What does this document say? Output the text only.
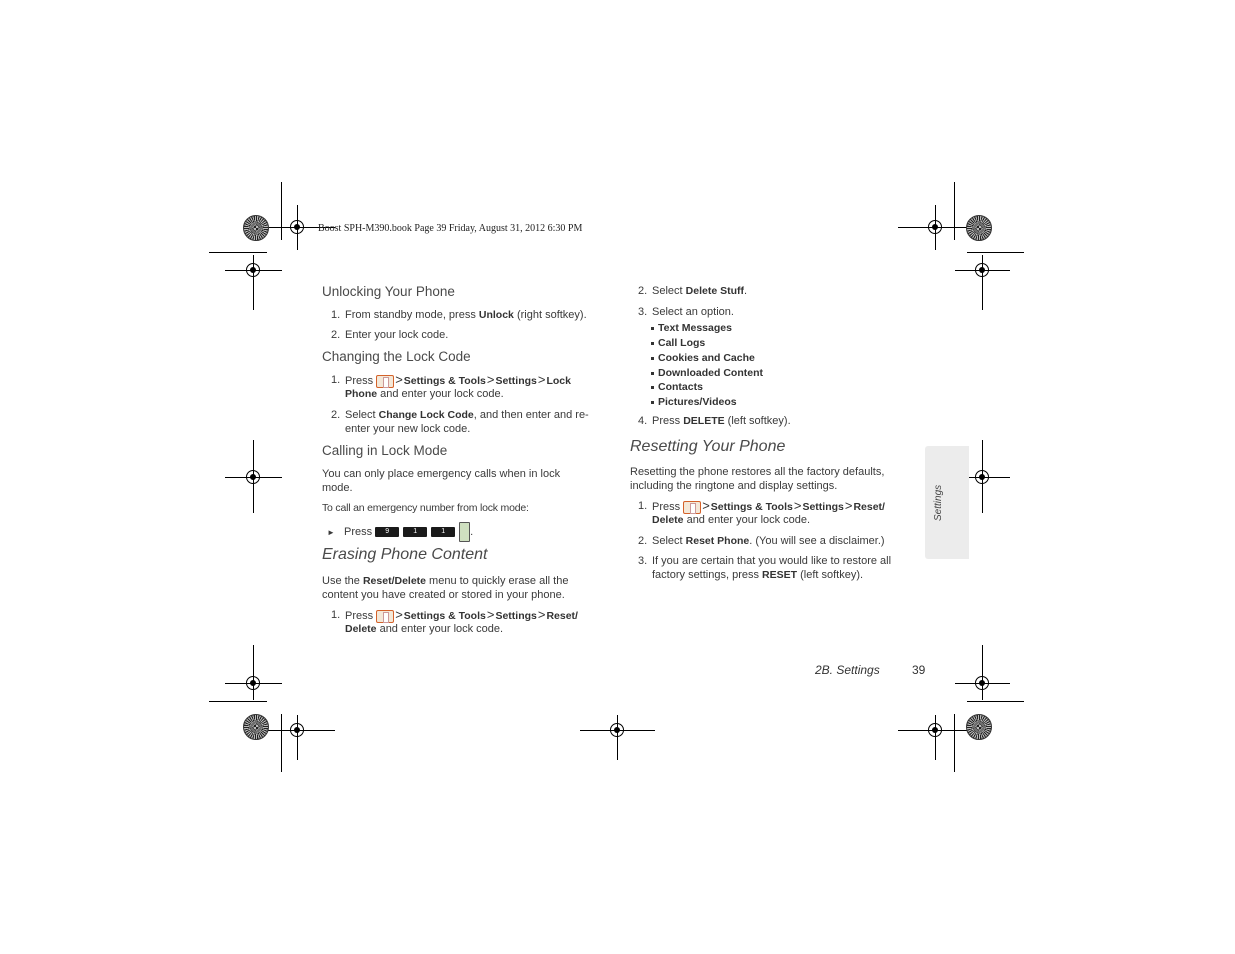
Boost SPH-M390.book Page 39 Friday, August 31, 2012 6:30 PM
Unlocking Your Phone
1. From standby mode, press Unlock (right softkey).
2. Enter your lock code.
Changing the Lock Code
1. Press >Settings & Tools>Settings>Lock
Phone and enter your lock code.
2. Select Change Lock Code, and then enter and re-
enter your new lock code.
Calling in Lock Mode
You can only place emergency calls when in lock
mode.
To call an emergency number from lock mode:
► Press 9	1	1 .
Erasing Phone Content
Use the Reset/Delete menu to quickly erase all the
content you have created or stored in your phone.
1. Press >Settings & Tools>Settings>Reset/
Delete and enter your lock code.
2. Select Delete Stuff.
3. Select an option.
Text Messages
Call Logs
Cookies and Cache
Downloaded Content
Contacts
Pictures/Videos
4. Press DELETE (left softkey).
Resetting Your Phone
Resetting the phone restores all the factory defaults,
including the ringtone and display settings.
1. Press >Settings & Tools>Settings>Reset/
Delete and enter your lock code.
2. Select Reset Phone. (You will see a disclaimer.)
3. If you are certain that you would like to restore all
factory settings, press RESET (left softkey).
Settings
2B. Settings	39
